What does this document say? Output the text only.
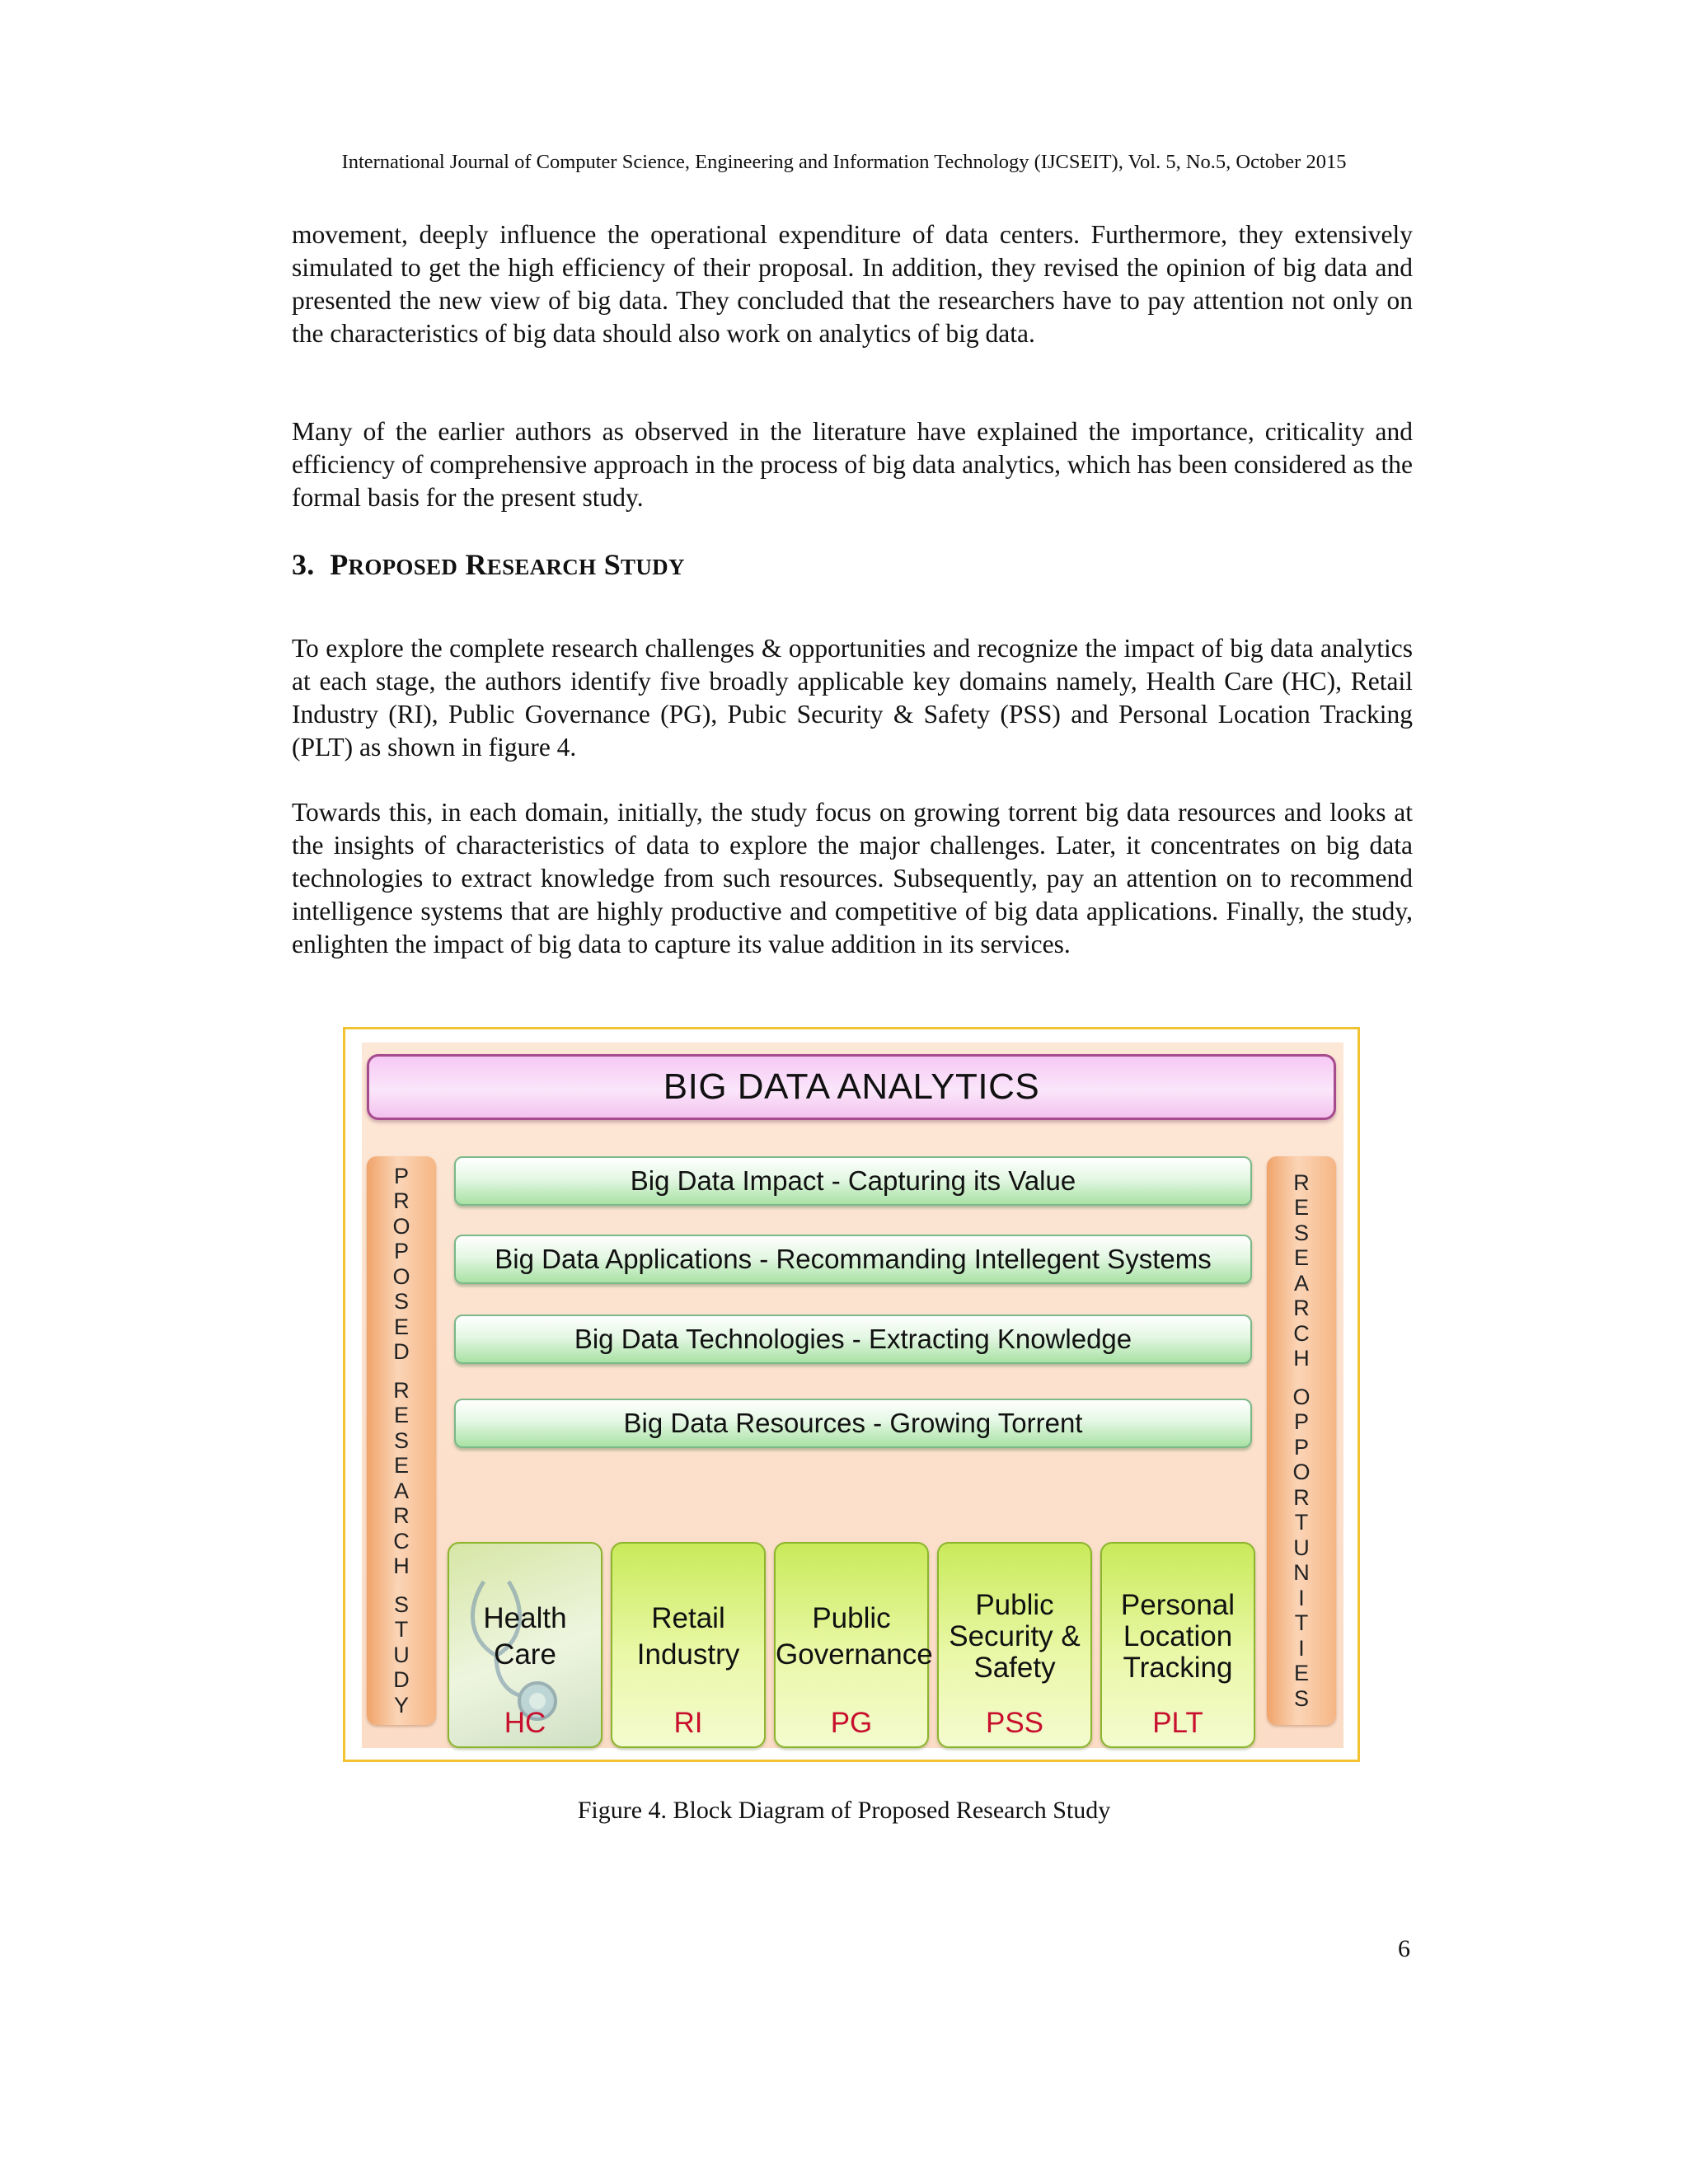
International Journal of Computer Science, Engineering and Information Technology (IJCSEIT), Vol. 5, No.5, October 2015

movement, deeply influence the operational expenditure of data centers. Furthermore, they extensively simulated to get the high efficiency of their proposal. In addition, they revised the opinion of big data and presented the new view of big data. They concluded that the researchers have to pay attention not only on the characteristics of big data should also work on analytics of big data.

Many of the earlier authors as observed in the literature have explained the importance, criticality and efficiency of comprehensive approach in the process of big data analytics, which has been considered as the formal basis for the present study.

3. PROPOSED RESEARCH STUDY

To explore the complete research challenges & opportunities and recognize the impact of big data analytics at each stage, the authors identify five broadly applicable key domains namely, Health Care (HC), Retail Industry (RI), Public Governance (PG), Pubic Security & Safety (PSS) and Personal Location Tracking (PLT) as shown in figure 4.

Towards this, in each domain, initially, the study focus on growing torrent big data resources and looks at the insights of characteristics of data to explore the major challenges. Later, it concentrates on big data technologies to extract knowledge from such resources. Subsequently, pay an attention on to recommend intelligence systems that are highly productive and competitive of big data applications. Finally, the study, enlighten the impact of big data to capture its value addition in its services.

BIG DATA ANALYTICS
P
R
O
P
O
S
E
D
R
E
S
E
A
R
C
H
S
T
U
D
Y
R
E
S
E
A
R
C
H
O
P
P
O
R
T
U
N
I
T
I
E
S
Big Data Impact - Capturing its Value
Big Data Applications - Recommanding Intellegent Systems
Big Data Technologies - Extracting Knowledge
Big Data Resources - Growing Torrent
Health
Care
HC
Retail
Industry
RI
Public
Governance
PG
Public
Security &
Safety
PSS
Personal
Location
Tracking
PLT
Figure 4. Block Diagram of Proposed Research Study
6
